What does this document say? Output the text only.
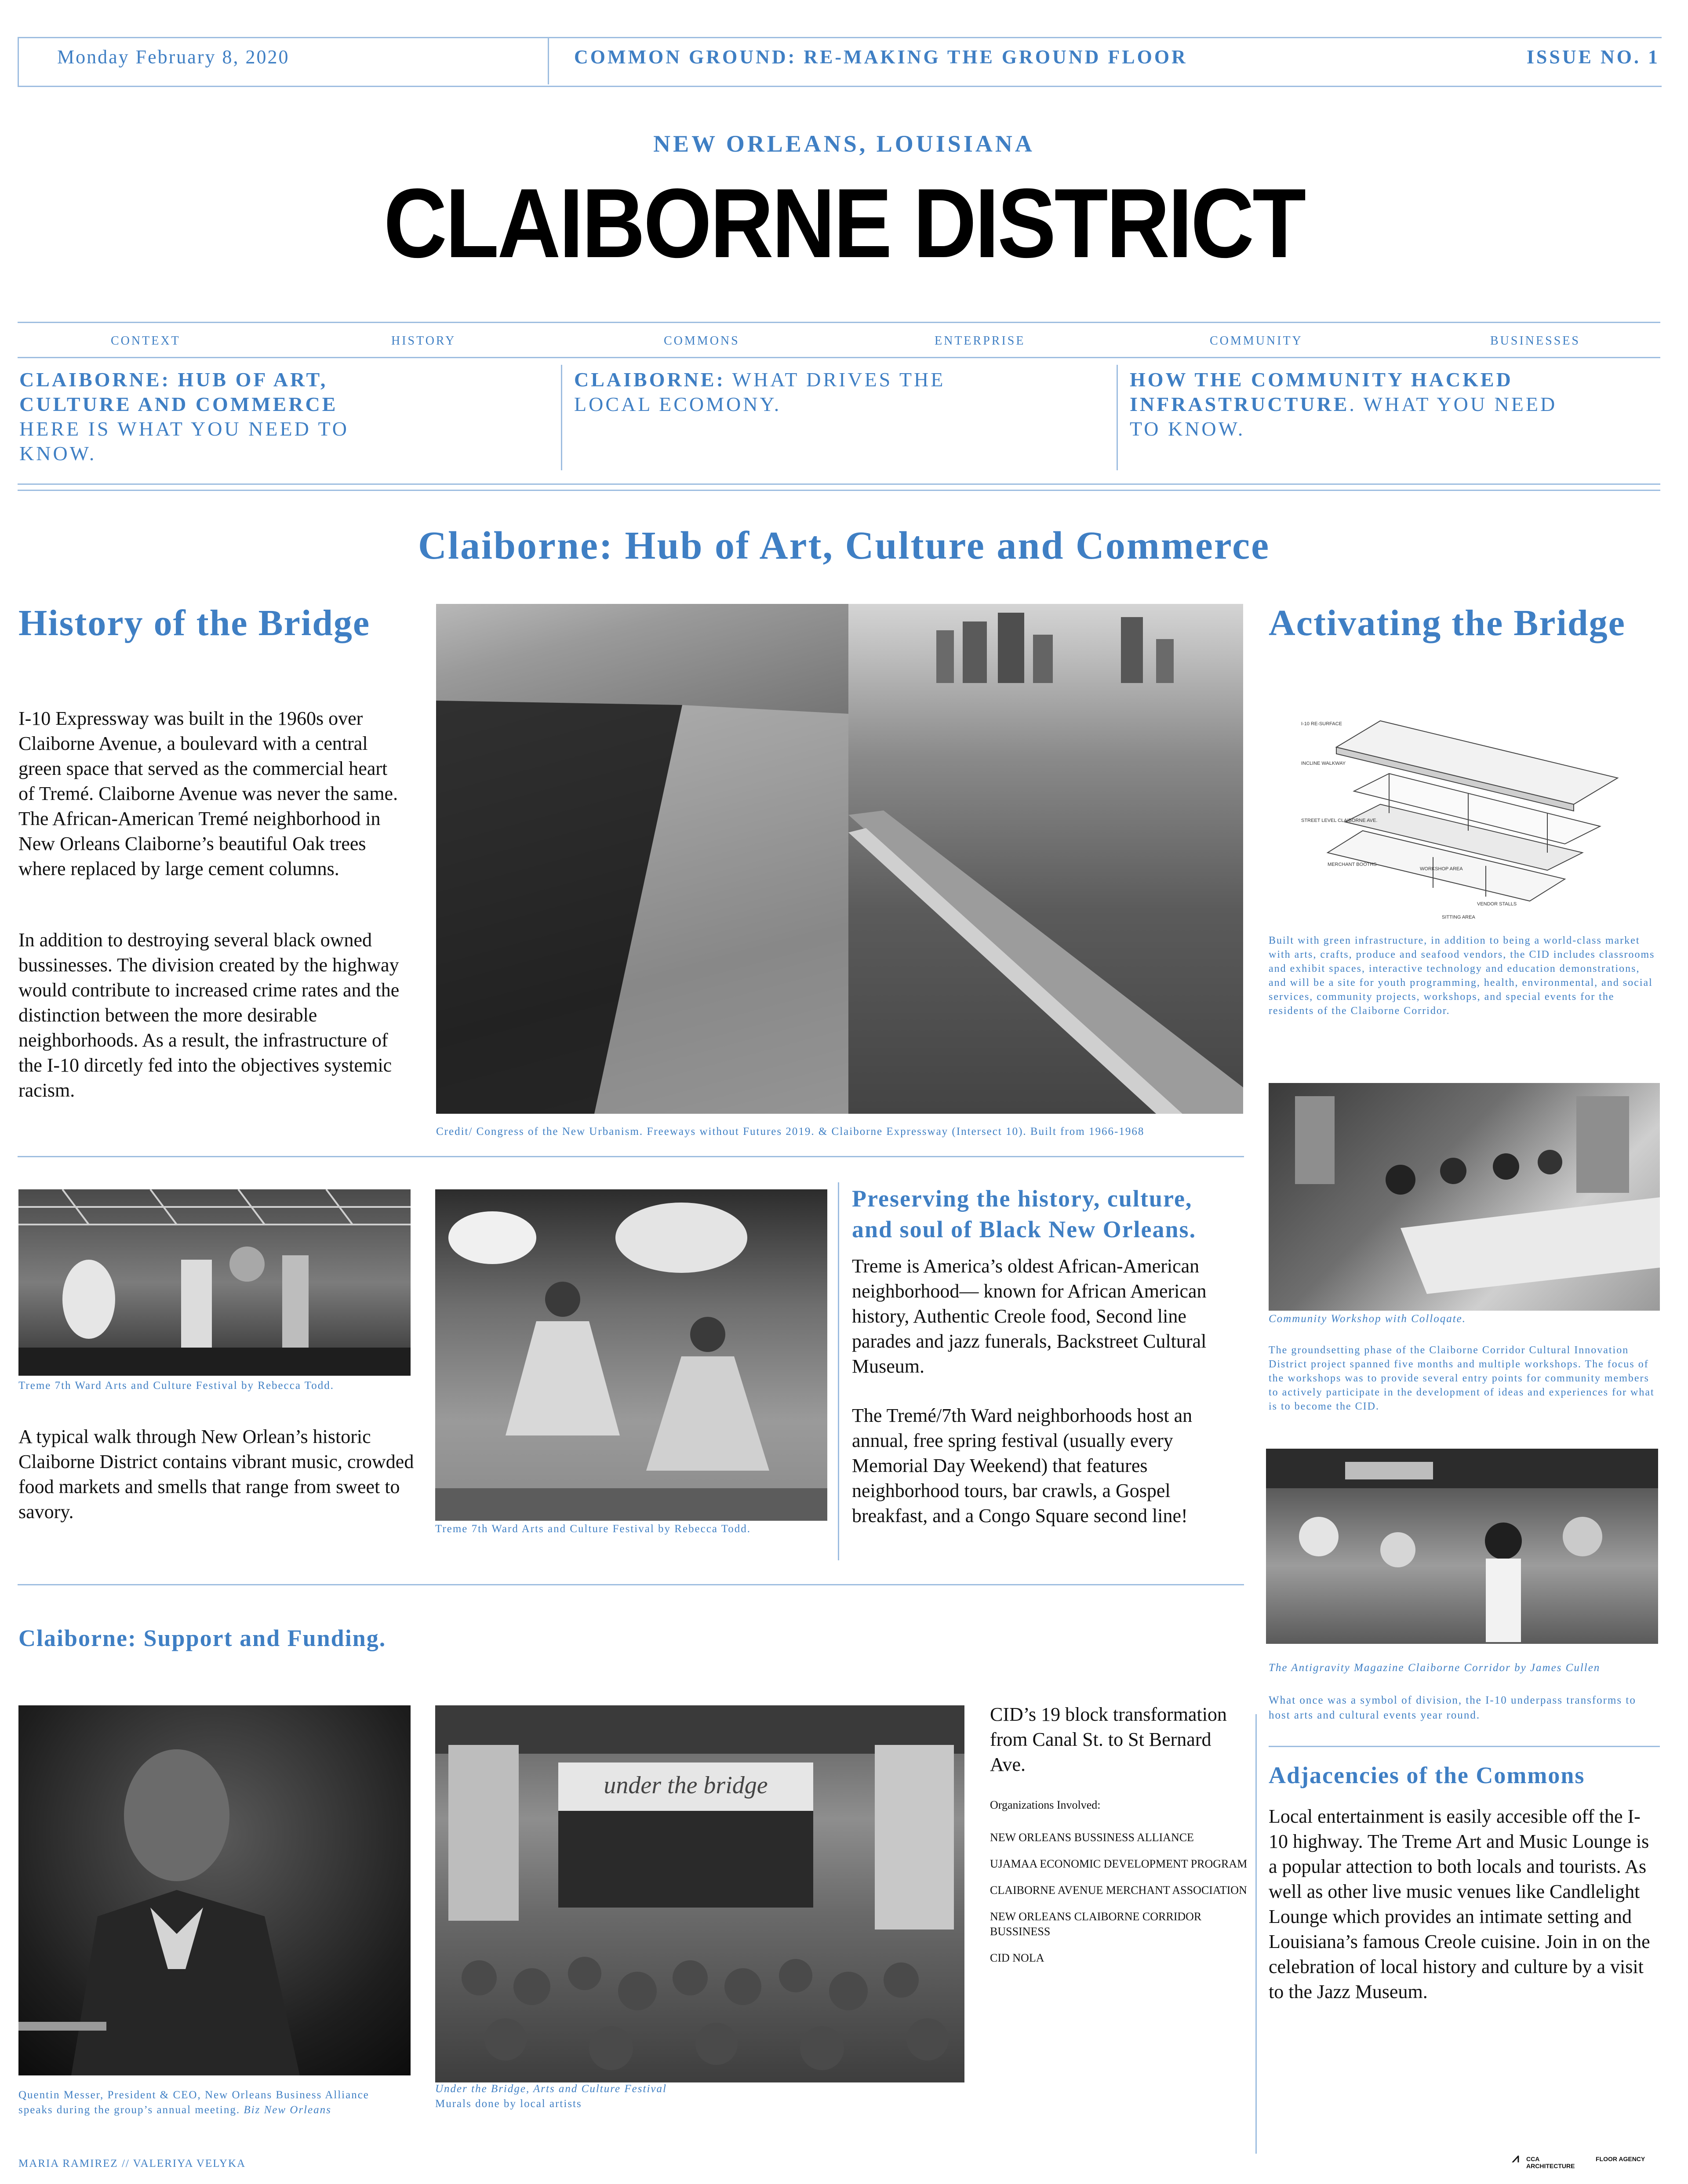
Monday February 8, 2020	COMMON GROUND: RE-MAKING THE GROUND FLOOR	ISSUE NO. 1
NEW ORLEANS, LOUISIANA
CLAIBORNE DISTRICT
CONTEXT	HISTORY	COMMONS	ENTERPRISE	COMMUNITY	BUSINESSES
CLAIBORNE: HUB OF ART, CULTURE AND COMMERCE
HERE IS WHAT YOU NEED TO KNOW.
CLAIBORNE: WHAT DRIVES THE LOCAL ECOMONY.
HOW THE COMMUNITY HACKED INFRASTRUCTURE. WHAT YOU NEED TO KNOW.
Claiborne: Hub of Art, Culture and Commerce
History of the Bridge
I-10 Expressway was built in the 1960s over Claiborne Avenue, a boulevard with a central green space that served as the commercial heart of Tremé. Claiborne Avenue was never the same. The African-American Tremé neighborhood in New Orleans Claiborne’s beautiful Oak trees where replaced by large cement columns.
In addition to destroying several black owned bussinesses. The division created by the highway would contribute to increased crime rates and the distinction between the more desirable neighborhoods. As a result, the infrastructure of the I-10 dircetly fed into the objectives systemic racism.
Credit/ Congress of the New Urbanism. Freeways without Futures 2019. & Claiborne Expressway (Intersect 10). Built from 1966-1968
Activating the Bridge
I-10 RE-SURFACE
INCLINE WALKWAY
STREET LEVEL CLAIBORNE AVE.
MERCHANT BOOTHS
WORKSHOP AREA
VENDOR STALLS
SITTING AREA
Built with green infrastructure, in addition to being a world-class market with arts, crafts, produce and seafood vendors, the CID includes classrooms and exhibit spaces, interactive technology and education demonstrations, and will be a site for youth programming, health, environmental, and social services, community projects, workshops, and special events for the residents of the Claiborne Corridor.
Community Workshop with Colloqate.
The groundsetting phase of the Claiborne Corridor Cultural Innovation District project spanned five months and multiple workshops. The focus of the workshops was to provide several entry points for community members to actively participate in the development of ideas and experiences for what is to become the CID.
Treme 7th Ward Arts and Culture Festival by Rebecca Todd.
A typical walk through New Orlean’s historic Claiborne District contains vibrant music, crowded food markets and smells that range from sweet to savory.
Treme 7th Ward Arts and Culture Festival by Rebecca Todd.
Preserving the history, culture, and soul of Black New Orleans.
Treme is America’s oldest African-American neighborhood— known for African American history, Authentic Creole food, Second line parades and jazz funerals, Backstreet Cultural Museum.
The Tremé/7th Ward neighborhoods host an annual, free spring festival (usually every Memorial Day Weekend) that features neighborhood tours, bar crawls, a Gospel breakfast, and a Congo Square second line!
The Antigravity Magazine Claiborne Corridor by James Cullen
What once was a symbol of division, the I-10 underpass transforms to host arts and cultural events year round.
Claiborne: Support and Funding.
Quentin Messer, President & CEO, New Orleans Business Alliance speaks during the group’s annual meeting. Biz New Orleans
under the bridge
Under the Bridge, Arts and Culture Festival
Murals done by local artists
CID’s 19 block transformation from Canal St. to St Bernard Ave.
Organizations Involved:
NEW ORLEANS BUSSINESS ALLIANCE
UJAMAA ECONOMIC DEVELOPMENT PROGRAM
CLAIBORNE AVENUE MERCHANT ASSOCIATION
NEW ORLEANS CLAIBORNE CORRIDOR BUSSINESS
CID NOLA
Adjacencies of the Commons
Local entertainment is easily accesible off the I-10 highway. The Treme Art and Music Lounge is a popular attection to both locals and tourists. As well as other live music venues like Candlelight Lounge which provides an intimate setting and Louisiana’s famous Creole cuisine. Join in on the celebration of local history and culture by a visit to the Jazz Museum.
MARIA RAMIREZ // VALERIYA VELYKA	⩘ CCA ARCHITECTURE
FLOOR AGENCY
